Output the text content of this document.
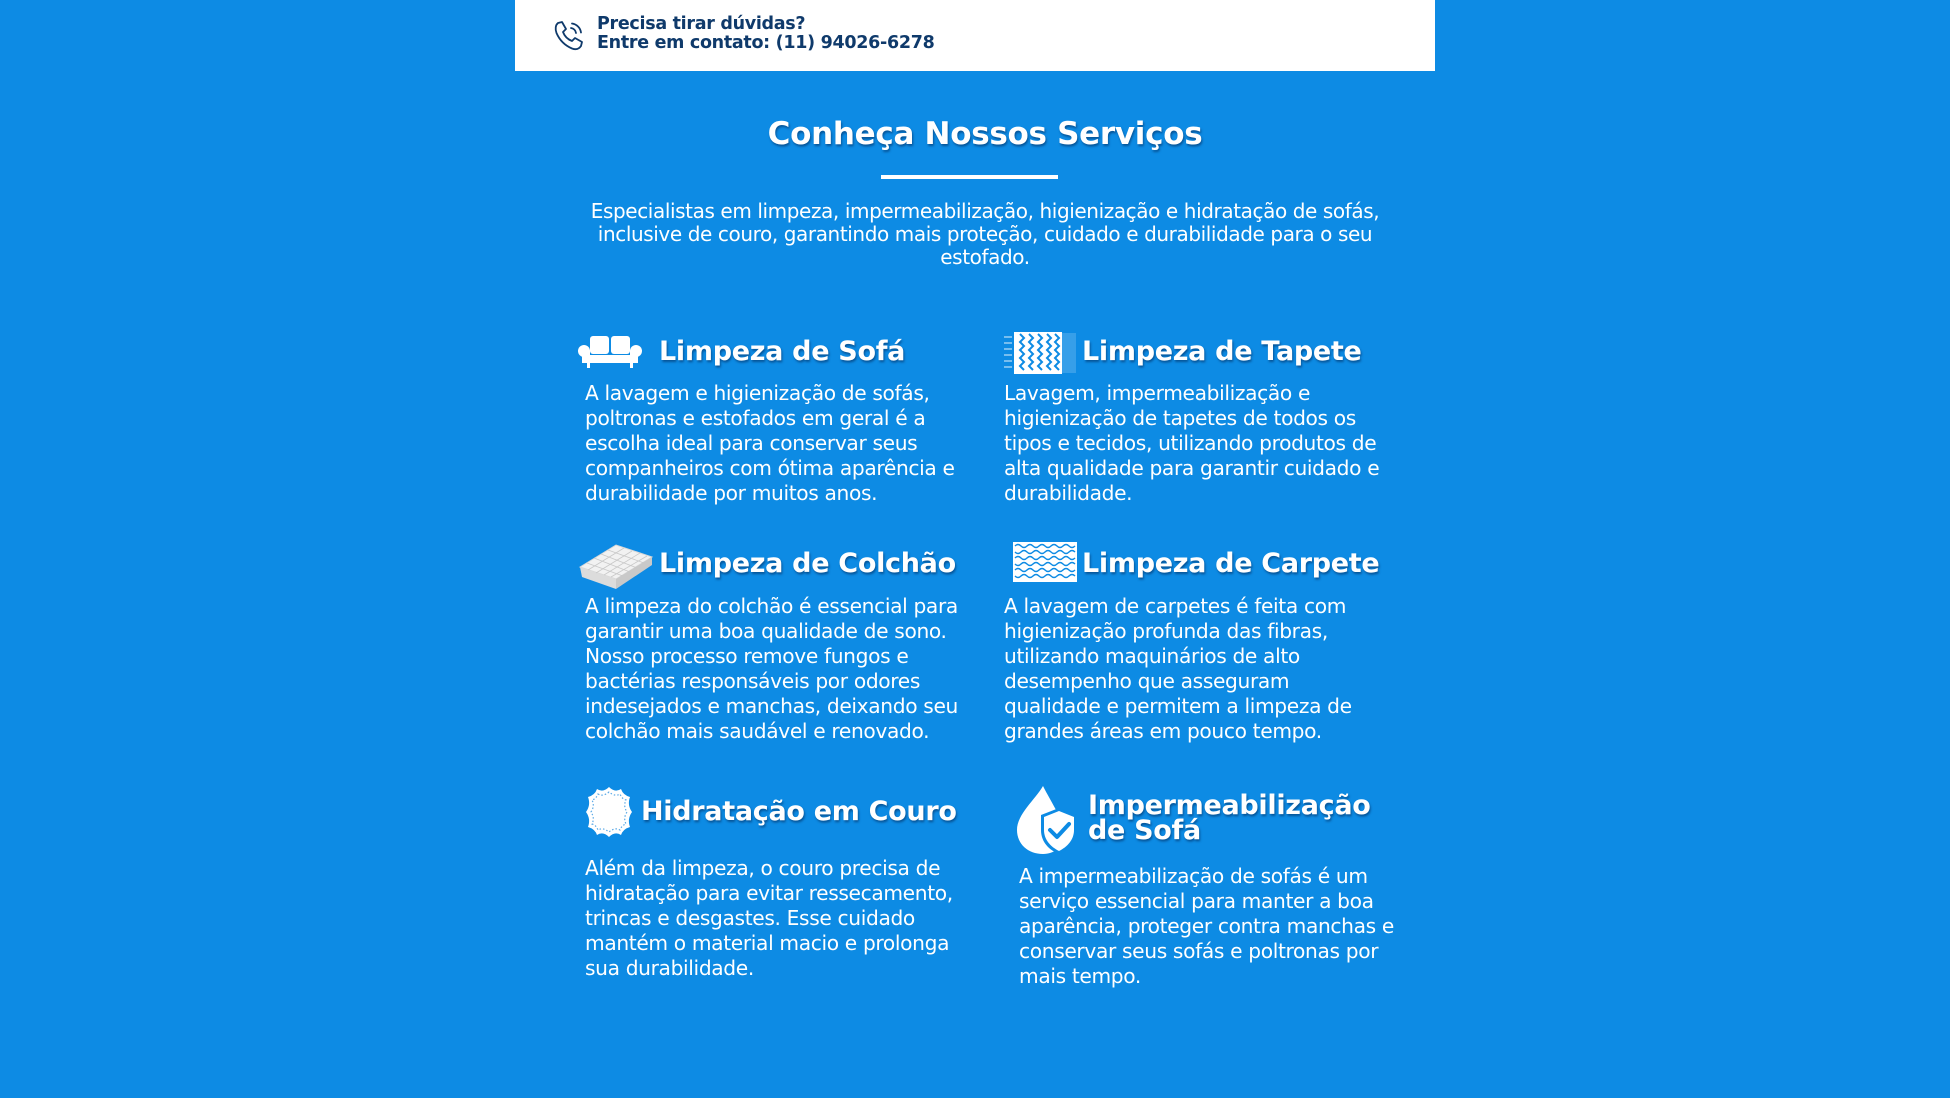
Precisa tirar dúvidas?
Entre em contato: (11) 94026-6278
Conheça Nossos Serviços

Especialistas em limpeza, impermeabilização, higienização e hidratação de sofás, inclusive de couro, garantindo mais proteção, cuidado e durabilidade para o seu estofado.

Limpeza de Sofá

A lavagem e higienização de sofás, poltronas e estofados em geral é a escolha ideal para conservar seus companheiros com ótima aparência e durabilidade por muitos anos.

Limpeza de Tapete

Lavagem, impermeabilização e higienização de tapetes de todos os tipos e tecidos, utilizando produtos de alta qualidade para garantir cuidado e durabilidade.

Limpeza de Colchão

A limpeza do colchão é essencial para garantir uma boa qualidade de sono. Nosso processo remove fungos e bactérias responsáveis por odores indesejados e manchas, deixando seu colchão mais saudável e renovado.

Limpeza de Carpete

A lavagem de carpetes é feita com higienização profunda das fibras, utilizando maquinários de alto desempenho que asseguram qualidade e permitem a limpeza de grandes áreas em pouco tempo.

Hidratação em Couro

Além da limpeza, o couro precisa de hidratação para evitar ressecamento, trincas e desgastes. Esse cuidado mantém o material macio e prolonga sua durabilidade.

Impermeabilização
de Sofá

A impermeabilização de sofás é um serviço essencial para manter a boa aparência, proteger contra manchas e conservar seus sofás e poltronas por mais tempo.
